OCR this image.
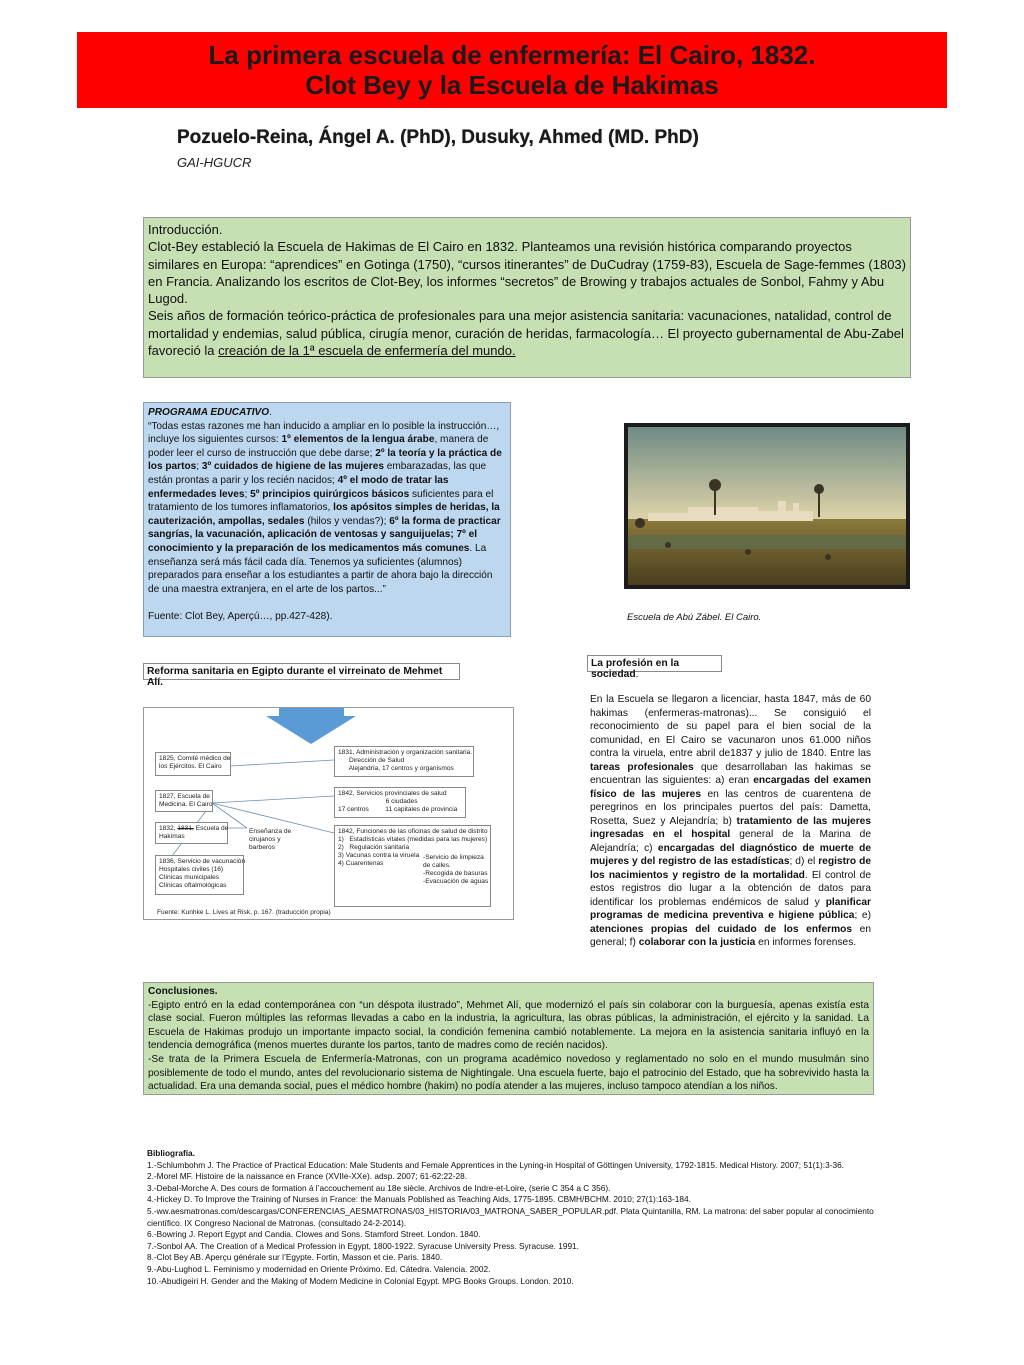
La primera escuela de enfermería: El Cairo, 1832.
Clot Bey y la Escuela de Hakimas
Pozuelo-Reina, Ángel A. (PhD), Dusuky, Ahmed (MD. PhD)
GAI-HGUCR

Introducción.

Clot-Bey estableció la Escuela de Hakimas de El Cairo en 1832. Planteamos una revisión histórica comparando proyectos similares en Europa: “aprendices” en Gotinga (1750), “cursos itinerantes” de DuCudray (1759-83), Escuela de Sage-femmes (1803) en Francia. Analizando los escritos de Clot-Bey, los informes “secretos” de Browing y trabajos actuales de Sonbol, Fahmy y Abu Lugod.

Seis años de formación teórico-práctica de profesionales para una mejor asistencia sanitaria: vacunaciones, natalidad, control de mortalidad y endemias, salud pública, cirugía menor, curación de heridas, farmacología… El proyecto gubernamental de Abu-Zabel favoreció la creación de la 1ª escuela de enfermería del mundo.

PROGRAMA EDUCATIVO.

“Todas estas razones me han inducido a ampliar en lo posible la instrucción…, incluye los siguientes cursos: 1º elementos de la lengua árabe, manera de poder leer el curso de instrucción que debe darse; 2º la teoría y la práctica de los partos; 3º cuidados de higiene de las mujeres embarazadas, las que están prontas a parir y los recién nacidos; 4º el modo de tratar las enfermedades leves; 5º principios quirúrgicos básicos suficientes para el tratamiento de los tumores inflamatorios, los apósitos simples de heridas, la cauterización, ampollas, sedales (hilos y vendas?); 6º la forma de practicar sangrías, la vacunación, aplicación de ventosas y sanguijuelas; 7º el conocimiento y la preparación de los medicamentos más comunes. La enseñanza será más fácil cada día. Tenemos ya suficientes (alumnos) preparados para enseñar a los estudiantes a partir de ahora bajo la dirección de una maestra extranjera, en el arte de los partos...”

Fuente: Clot Bey, Aperçú…, pp.427-428).	Escuela de Abú Zábel. El Cairo.
Reforma sanitaria en Egipto durante el virreinato de Mehmet Alí.
1825, Comité médico de
los Ejércitos. El Cairo
1827, Escuela de
Medicina. El Cairo
1832, 1831, Escuela de
Hakimas
1836, Servicio de vacunación
Hospitales civiles (16)
Clínicas municipales
Clínicas oftalmológicas
Enseñanza de
cirujanos y
barberos
1831, Administración y organización sanitaria.
Dirección de Salud
Alejandría, 17 centros y organismos
1842, Servicios provinciales de salud
6 ciudades
17 centros         11 capitales de provincia
1842, Funciones de las oficinas de salud de distrito
1)   Estadísticas vitales (medidas para las mujeres)
2)   Regulación sanitaria
3) Vacunas contra la viruela
4) Cuarentenas
-Servicio de limpieza
de calles.
-Recogida de basuras
-Evacuación de aguas
Fuente: Kunhke L. Lives at Risk, p. 167. (traducción propia)
La profesión en la sociedad.
En la Escuela se llegaron a licenciar, hasta 1847, más de 60 hakimas (enfermeras-matronas)... Se consiguió el reconocimiento de su papel para el bien social de la comunidad, en El Cairo se vacunaron unos 61.000 niños contra la viruela, entre abril de1837 y julio de 1840. Entre las tareas profesionales que desarrollaban las hakimas se encuentran las siguientes: a) eran encargadas del examen físico de las mujeres en las centros de cuarentena de peregrinos en los principales puertos del país: Dametta, Rosetta, Suez y Alejandría; b) tratamiento de las mujeres ingresadas en el hospital general de la Marina de Alejandría; c) encargadas del diagnóstico de muerte de mujeres y del registro de las estadísticas; d) el registro de los nacimientos y registro de la mortalidad. El control de estos registros dio lugar a la obtención de datos para identificar los problemas endémicos de salud y planificar programas de medicina preventiva e higiene pública; e) atenciones propias del cuidado de los enfermos en general; f) colaborar con la justicia en informes forenses.

Conclusiones.

-Egipto entró en la edad contemporánea con “un déspota ilustrado”, Mehmet Alí, que modernizó el país sin colaborar con la burguesía, apenas existía esta clase social. Fueron múltiples las reformas llevadas a cabo en la industria, la agricultura, las obras públicas, la administración, el ejército y la sanidad. La Escuela de Hakimas produjo un importante impacto social, la condición femenina cambió notablemente. La mejora en la asistencia sanitaria influyó en la tendencia demográfica (menos muertes durante los partos, tanto de madres como de recién nacidos).

-Se trata de la Primera Escuela de Enfermería-Matronas, con un programa académico novedoso y reglamentado no solo en el mundo musulmán sino posiblemente de todo el mundo, antes del revolucionario sistema de Nightingale. Una escuela fuerte, bajo el patrocinio del Estado, que ha sobrevivido hasta la actualidad. Era una demanda social, pues el médico hombre (hakim) no podía atender a las mujeres, incluso tampoco atendían a los niños.

Bibliografía.

1.-Schlumbohm J. The Practice of Practical Education: Male Students and Female Apprentices in the Lyning-in Hospital of Göttingen University, 1792-1815. Medical History. 2007; 51(1):3-36.

2.-Morel MF. Histoire de la naissance en France (XVIIe-XXe). adsp. 2007; 61-62:22-28.

3.-Debal-Morche A. Des cours de formation á l’accouchement au 18e siècle. Archivos de Indre-et-Loire, (serie C 354 a C 356).

4.-Hickey D. To Improve the Training of Nurses in France: the Manuals Poblished as Teaching Aids, 1775-1895. CBMH/BCHM. 2010; 27(1):163-184.

5.-ww.aesmatronas.com/descargas/CONFERENCIAS_AESMATRONAS/03_HISTORIA/03_MATRONA_SABER_POPULAR.pdf. Plata Quintanilla, RM. La matrona: del saber popular al conocimiento científico. IX Congreso Nacional de Matronas. (consultado 24-2-2014).

6.-Bowring J. Report Egypt and Candia. Clowes and Sons. Stamford Street. London. 1840.

7.-Sonbol AA. The Creation of a Medical Profession in Egypt, 1800-1922. Syracuse University Press. Syracuse. 1991.

8.-Clot Bey AB. Aperçu générale sur l’Egypte. Fortin, Masson et cie. Paris. 1840.

9.-Abu-Lughod L. Feminismo y modernidad en Oriente Próximo. Ed. Cátedra. Valencia. 2002.

10.-Abudigeiri H. Gender and the Making of Modern Medicine in Colonial Egypt. MPG Books Groups. London. 2010.
